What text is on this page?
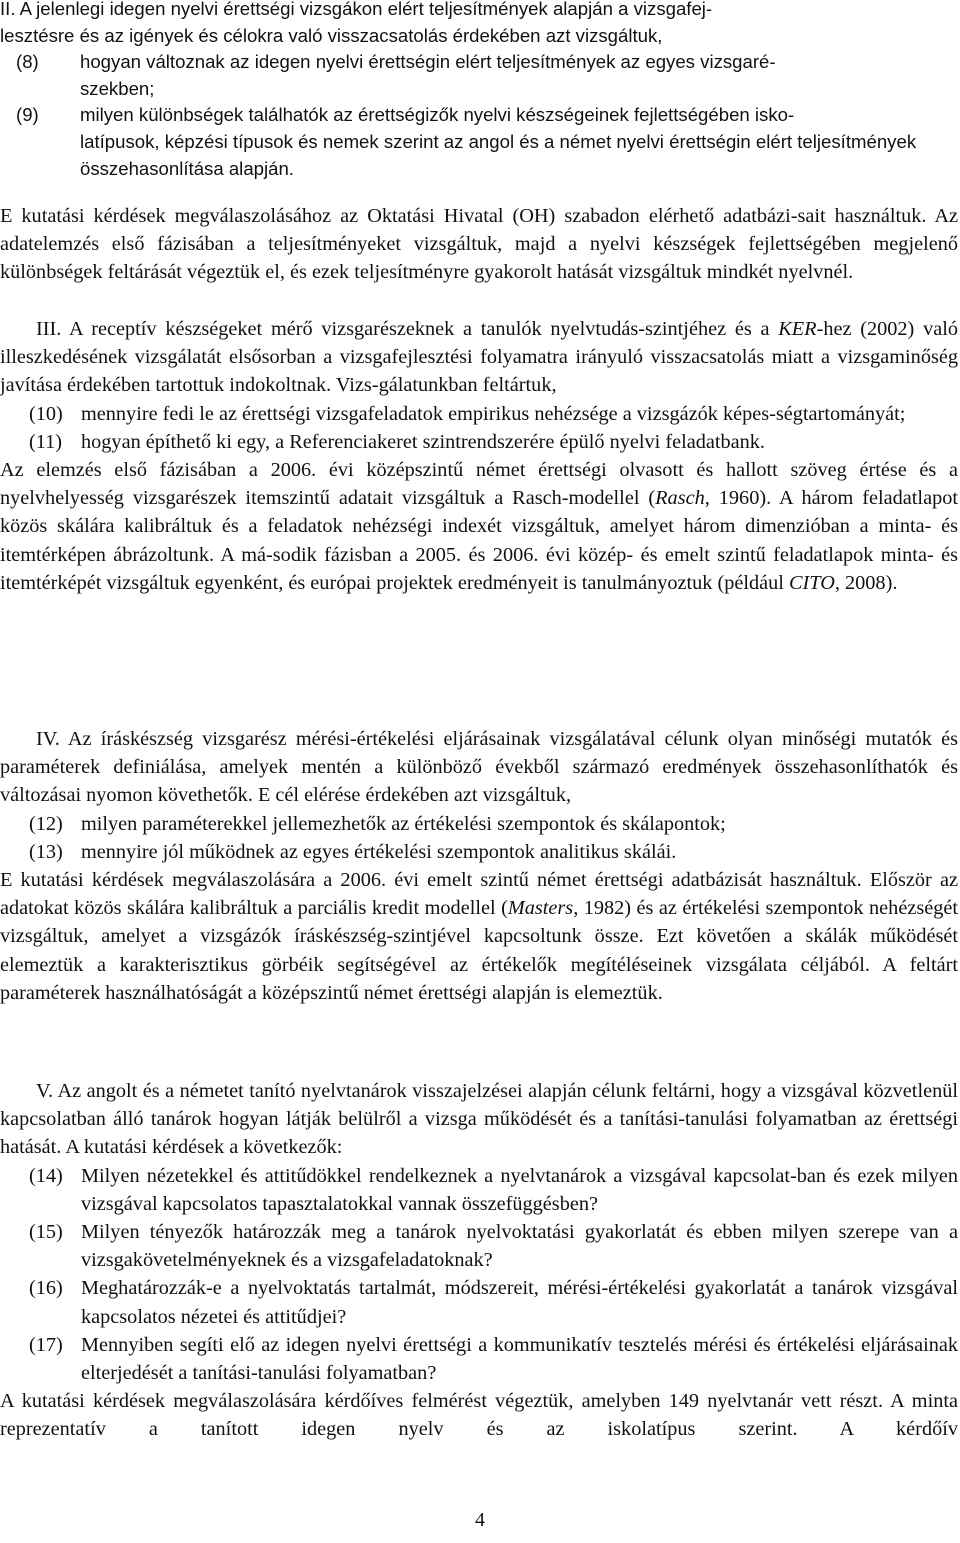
II. A jelenlegi idegen nyelvi érettségi vizsgákon elért teljesítmények alapján a vizsgafej-
lesztésre és az igények és célokra való visszacsatolás érdekében azt vizsgáltuk,

(8)	hogyan változnak az idegen nyelvi érettségin elért teljesítmények az egyes vizsgaré-
szekben;
(9)	milyen különbségek találhatók az érettségizők nyelvi készségeinek fejlettségében isko-
latípusok, képzési típusok és nemek szerint az angol és a német nyelvi érettségin elért teljesítmények összehasonlítása alapján.

E kutatási kérdések megválaszolásához az Oktatási Hivatal (OH) szabadon elérhető adatbázi-sait használtuk. Az adatelemzés első fázisában a teljesítményeket vizsgáltuk, majd a nyelvi készségek fejlettségében megjelenő különbségek feltárását végeztük el, és ezek teljesítményre gyakorolt hatását vizsgáltuk mindkét nyelvnél.

III. A receptív készségeket mérő vizsgarészeknek a tanulók nyelvtudás-szintjéhez és a KER-hez (2002) való illeszkedésének vizsgálatát elsősorban a vizsgafejlesztési folyamatra irányuló visszacsatolás miatt a vizsgaminőség javítása érdekében tartottuk indokoltnak. Vizs-gálatunkban feltártuk,

(10) mennyire fedi le az érettségi vizsgafeladatok empirikus nehézsége a vizsgázók képes-ségtartományát;
(11) hogyan építhető ki egy, a Referenciakeret szintrendszerére épülő nyelvi feladatbank.

Az elemzés első fázisában a 2006. évi középszintű német érettségi olvasott és hallott szöveg értése és a nyelvhelyesség vizsgarészek itemszintű adatait vizsgáltuk a Rasch-modellel (Rasch, 1960). A három feladatlapot közös skálára kalibráltuk és a feladatok nehézségi indexét vizsgáltuk, amelyet három dimenzióban a minta- és itemtérképen ábrázoltunk. A má-sodik fázisban a 2005. és 2006. évi közép- és emelt szintű feladatlapok minta- és itemtérképét vizsgáltuk egyenként, és európai projektek eredményeit is tanulmányoztuk (például CITO, 2008).

IV. Az íráskészség vizsgarész mérési-értékelési eljárásainak vizsgálatával célunk olyan minőségi mutatók és paraméterek definiálása, amelyek mentén a különböző évekből származó eredmények összehasonlíthatók és változásai nyomon követhetők. E cél elérése érdekében azt vizsgáltuk,

(12) milyen paraméterekkel jellemezhetők az értékelési szempontok és skálapontok;
(13) mennyire jól működnek az egyes értékelési szempontok analitikus skálái.

E kutatási kérdések megválaszolására a 2006. évi emelt szintű német érettségi adatbázisát használtuk. Először az adatokat közös skálára kalibráltuk a parciális kredit modellel (Masters, 1982) és az értékelési szempontok nehézségét vizsgáltuk, amelyet a vizsgázók íráskészség-szintjével kapcsoltunk össze. Ezt követően a skálák működését elemeztük a karakterisztikus görbéik segítségével az értékelők megítéléseinek vizsgálata céljából. A feltárt paraméterek használhatóságát a középszintű német érettségi alapján is elemeztük.

V. Az angolt és a németet tanító nyelvtanárok visszajelzései alapján célunk feltárni, hogy a vizsgával közvetlenül kapcsolatban álló tanárok hogyan látják belülről a vizsga működését és a tanítási-tanulási folyamatban az érettségi hatását. A kutatási kérdések a következők:

(14) Milyen nézetekkel és attitűdökkel rendelkeznek a nyelvtanárok a vizsgával kapcsolat-ban és ezek milyen vizsgával kapcsolatos tapasztalatokkal vannak összefüggésben?
(15) Milyen tényezők határozzák meg a tanárok nyelvoktatási gyakorlatát és ebben milyen szerepe van a vizsgakövetelményeknek és a vizsgafeladatoknak?
(16) Meghatározzák-e a nyelvoktatás tartalmát, módszereit, mérési-értékelési gyakorlatát a tanárok vizsgával kapcsolatos nézetei és attitűdjei?
(17) Mennyiben segíti elő az idegen nyelvi érettségi a kommunikatív tesztelés mérési és értékelési eljárásainak elterjedését a tanítási-tanulási folyamatban?

A kutatási kérdések megválaszolására kérdőíves felmérést végeztük, amelyben 149 nyelvtanár vett részt. A minta reprezentatív a tanított idegen nyelv és az iskolatípus szerint. A kérdőív

4
